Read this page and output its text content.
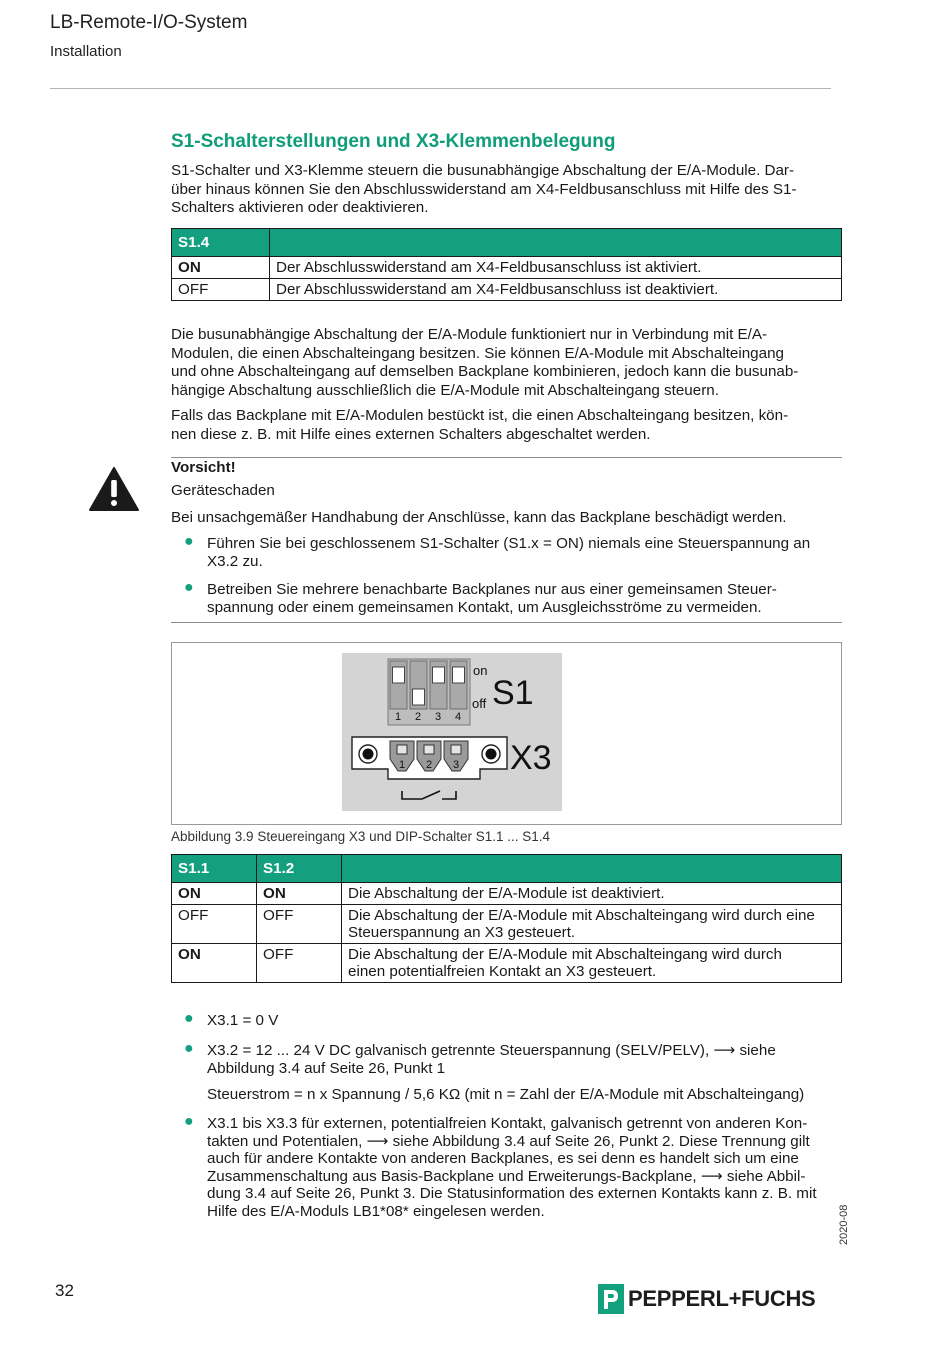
LB-Remote-I/O-System
Installation
S1-Schalterstellungen und X3-Klemmenbelegung

S1-Schalter und X3-Klemme steuern die busunabhängige Abschaltung der E/A-Module. Dar-
über hinaus können Sie den Abschlusswiderstand am X4-Feldbusanschluss mit Hilfe des S1-
Schalters aktivieren oder deaktivieren.

S1.4	
ON	Der Abschlusswiderstand am X4-Feldbusanschluss ist aktiviert.
OFF	Der Abschlusswiderstand am X4-Feldbusanschluss ist deaktiviert.

Die busunabhängige Abschaltung der E/A-Module funktioniert nur in Verbindung mit E/A-
Modulen, die einen Abschalteingang besitzen. Sie können E/A-Module mit Abschalteingang
und ohne Abschalteingang auf demselben Backplane kombinieren, jedoch kann die busunab-
hängige Abschaltung ausschließlich die E/A-Module mit Abschalteingang steuern.

Falls das Backplane mit E/A-Modulen bestückt ist, die einen Abschalteingang besitzen, kön-
nen diese z. B. mit Hilfe eines externen Schalters abgeschaltet werden.

Vorsicht!
Geräteschaden
Bei unsachgemäßer Handhabung der Anschlüsse, kann das Backplane beschädigt werden.
● Führen Sie bei geschlossenem S1-Schalter (S1.x = ON) niemals eine Steuerspannung an
X3.2 zu.

● Betreiben Sie mehrere benachbarte Backplanes nur aus einer gemeinsamen Steuer-
spannung oder einem gemeinsamen Kontakt, um Ausgleichsströme zu vermeiden.

1 2 3 4
on
off S1
1 2 3 X3
Abbildung 3.9 Steuereingang X3 und DIP-Schalter S1.1 ... S1.4
S1.1	S1.2	
ON	ON	Die Abschaltung der E/A-Module ist deaktiviert.
OFF	OFF	Die Abschaltung der E/A-Module mit Abschalteingang wird durch eine
Steuerspannung an X3 gesteuert.
ON	OFF	Die Abschaltung der E/A-Module mit Abschalteingang wird durch
einen potentialfreien Kontakt an X3 gesteuert.
● X3.1 = 0 V

● X3.2 = 12 ... 24 V DC galvanisch getrennte Steuerspannung (SELV/PELV), ⟶ siehe
Abbildung 3.4 auf Seite 26, Punkt 1

Steuerstrom = n x Spannung / 5,6 KΩ (mit n = Zahl der E/A-Module mit Abschalteingang)

● X3.1 bis X3.3 für externen, potentialfreien Kontakt, galvanisch getrennt von anderen Kon-
takten und Potentialen, ⟶ siehe Abbildung 3.4 auf Seite 26, Punkt 2. Diese Trennung gilt
auch für andere Kontakte von anderen Backplanes, es sei denn es handelt sich um eine
Zusammenschaltung aus Basis-Backplane und Erweiterungs-Backplane, ⟶ siehe Abbil-
dung 3.4 auf Seite 26, Punkt 3. Die Statusinformation des externen Kontakts kann z. B. mit
Hilfe des E/A-Moduls LB1*08* eingelesen werden.

32
2020-08
PEPPERL+FUCHS
